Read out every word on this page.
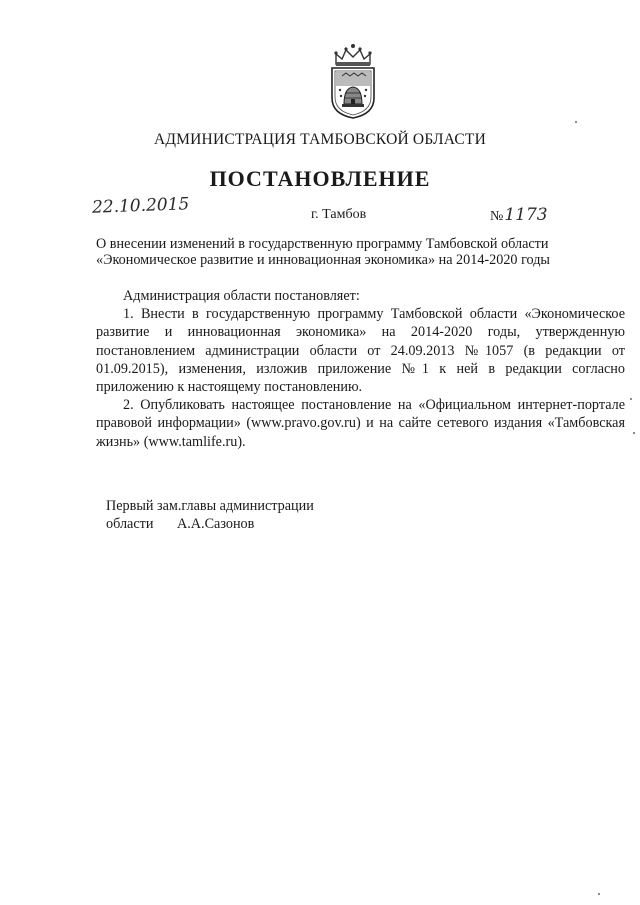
АДМИНИСТРАЦИЯ ТАМБОВСКОЙ ОБЛАСТИ
ПОСТАНОВЛЕНИЕ
22.10.2015	г. Тамбов	№1173
О внесении изменений в государственную программу Тамбовской области
«Экономическое развитие и инновационная экономика» на 2014-2020 годы

Администрация области постановляет:

1. Внести в государственную программу Тамбовской области «Экономическое развитие и инновационная экономика» на 2014-2020 годы, утвержденную постановлением администрации области от 24.09.2013 №1057 (в редакции от 01.09.2015), изменения, изложив приложение №1 к ней в редакции согласно приложению к настоящему постановлению.

2. Опубликовать настоящее постановление на «Официальном интернет-портале правовой информации» (www.pravo.gov.ru) и на сайте сетевого издания «Тамбовская жизнь» (www.tamlife.ru).

Первый зам.главы администрации
области А.А.Сазонов
